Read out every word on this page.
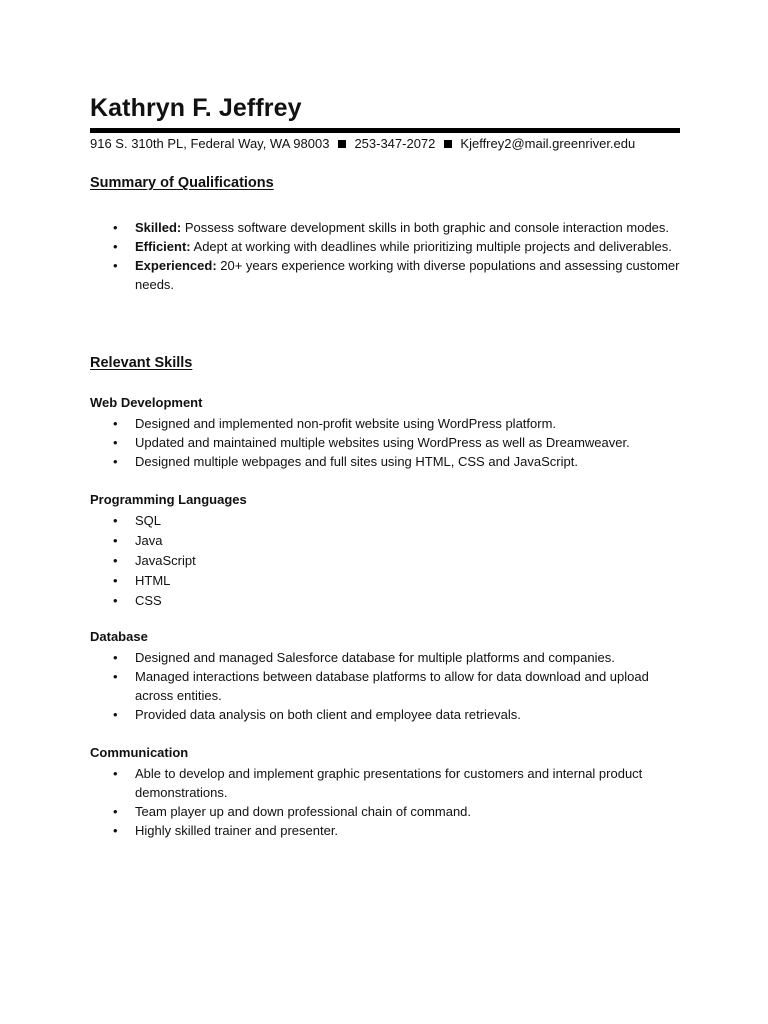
Kathryn F. Jeffrey
916 S. 310th PL, Federal Way, WA 98003 253-347-2072 Kjeffrey2@mail.greenriver.edu
Summary of Qualifications
• Skilled: Possess software development skills in both graphic and console interaction modes.
• Efficient: Adept at working with deadlines while prioritizing multiple projects and deliverables.
• Experienced: 20+ years experience working with diverse populations and assessing customer needs.
Relevant Skills
Web Development
• Designed and implemented non-profit website using WordPress platform.
• Updated and maintained multiple websites using WordPress as well as Dreamweaver.
• Designed multiple webpages and full sites using HTML, CSS and JavaScript.
Programming Languages
• SQL
• Java
• JavaScript
• HTML
• CSS
Database
• Designed and managed Salesforce database for multiple platforms and companies.
• Managed interactions between database platforms to allow for data download and upload across entities.
• Provided data analysis on both client and employee data retrievals.
Communication
• Able to develop and implement graphic presentations for customers and internal product demonstrations.
• Team player up and down professional chain of command.
• Highly skilled trainer and presenter.
